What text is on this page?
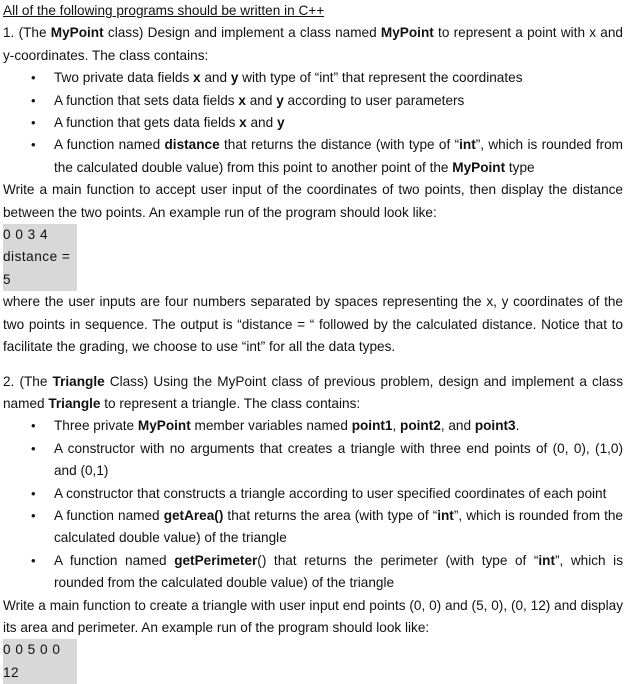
All of the following programs should be written in C++
1. (The MyPoint class) Design and implement a class named MyPoint to represent a point with x and y-coordinates. The class contains:
• Two private data fields x and y with type of “int” that represent the coordinates
• A function that sets data fields x and y according to user parameters
• A function that gets data fields x and y
• A function named distance that returns the distance (with type of “int”, which is rounded from the calculated double value) from this point to another point of the MyPoint type
Write a main function to accept user input of the coordinates of two points, then display the distance between the two points. An example run of the program should look like:
0 0 3 4
distance = 5
where the user inputs are four numbers separated by spaces representing the x, y coordinates of the two points in sequence. The output is “distance = “ followed by the calculated distance. Notice that to facilitate the grading, we choose to use “int” for all the data types.
2. (The Triangle Class) Using the MyPoint class of previous problem, design and implement a class named Triangle to represent a triangle. The class contains:
• Three private MyPoint member variables named point1, point2, and point3.
• A constructor with no arguments that creates a triangle with three end points of (0, 0), (1,0) and (0,1)
• A constructor that constructs a triangle according to user specified coordinates of each point
• A function named getArea() that returns the area (with type of “int”, which is rounded from the calculated double value) of the triangle
• A function named getPerimeter() that returns the perimeter (with type of “int”, which is rounded from the calculated double value) of the triangle
Write a main function to create a triangle with user input end points (0, 0) and (5, 0), (0, 12) and display its area and perimeter. An example run of the program should look like:
0 0 5 0 0 12
